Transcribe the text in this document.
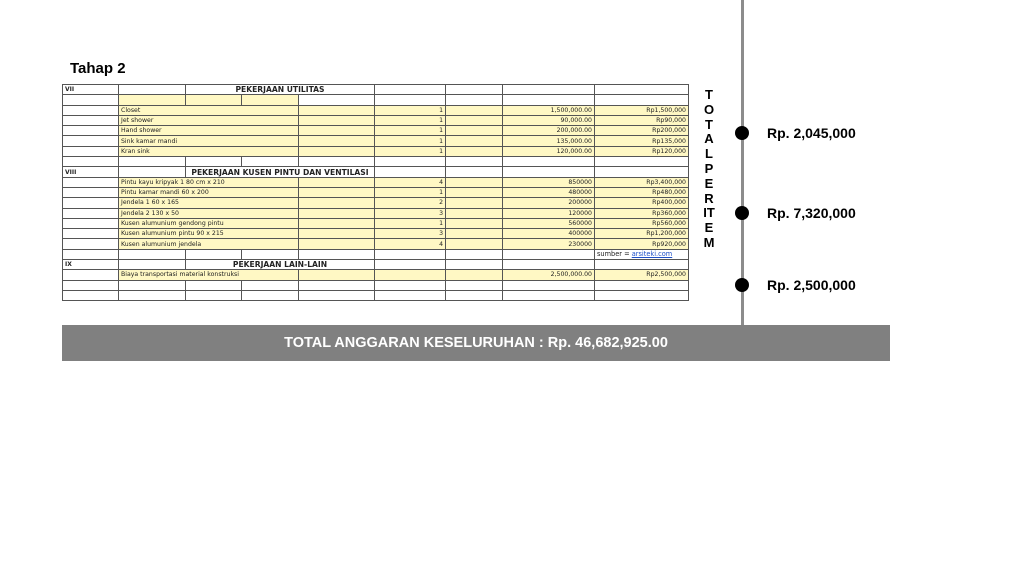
Tahap 2
VII		PEKERJAAN UTILITAS						

	Closet				1		1,500,000.00	Rp1,500,000
	Jet shower				1		90,000.00	Rp90,000
	Hand shower				1		200,000.00	Rp200,000
	Sink kamar mandi				1		135,000.00	Rp135,000
	Kran sink				1		120,000.00	Rp120,000

VIII		PEKERJAAN KUSEN PINTU DAN VENTILASI						
	Pintu kayu kripyak 1 80 cm x 210				4		850000	Rp3,400,000
	Pintu kamar mandi 60 x 200				1		480000	Rp480,000
	Jendela 1 60 x 165				2		200000	Rp400,000
	Jendela 2 130 x 50				3		120000	Rp360,000
	Kusen alumunium gendong pintu				1		560000	Rp560,000
	Kusen alumunium pintu 90 x 215				3		400000	Rp1,200,000
	Kusen alumunium jendela				4		230000	Rp920,000
								sumber = arsiteki.com
IX		PEKERJAAN LAIN-LAIN						
	Biaya transportasi material konstruksi						2,500,000.00	Rp2,500,000

TOTAL PER ITEM
Rp. 2,045,000
Rp. 7,320,000
Rp. 2,500,000
TOTAL ANGGARAN KESELURUHAN : Rp. 46,682,925.00
